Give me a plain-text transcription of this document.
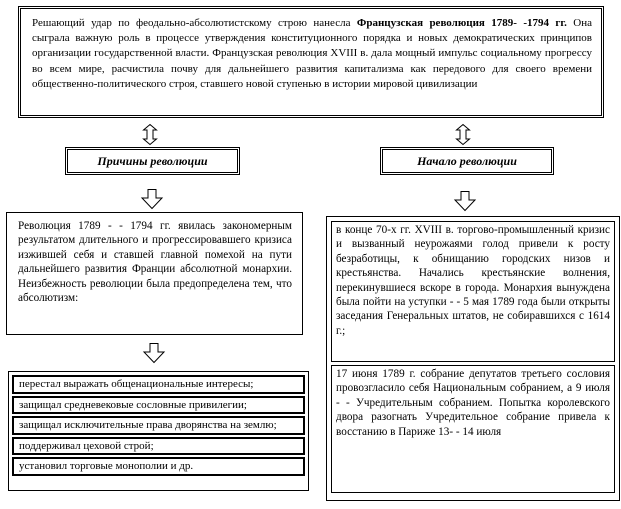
Решающий удар по феодально-абсолютистскому строю нанесла Французская революция 1789- -1794 гг. Она сыграла важную роль в процессе утверждения конституционного порядка и новых демократических принципов организации государственной власти. Французская революция XVIII в. дала мощный импульс социальному прогрессу во всем мире, расчистила почву для дальнейшего развития капитализма как передового для своего времени общественно-политического строя, ставшего новой ступенью в истории мировой цивилизации
Причины революции	Начало революции
Революция 1789 - - 1794 гг. явилась закономерным результатом длительного и прогрессировавшего кризиса изжившей себя и ставшей главной помехой на пути дальнейшего развития Франции абсолютной монархии. Неизбежность революции была предопределена тем, что абсолютизм:
перестал выражать общенациональные интересы;
защищал средневековые сословные привилегии;
защищал исключительные права дворянства на землю;
поддерживал цеховой строй;
установил торговые монополии и др.
в конце 70-х гг. XVIII в. торгово-промышленный кризис и вызванный неурожаями голод привели к росту безработицы, к обнищанию городских низов и крестьянства. Начались крестьянские волнения, перекинувшиеся вскоре в города. Монархия вынуждена была пойти на уступки - - 5 мая 1789 года были открыты заседания Генеральных штатов, не собиравшихся с 1614 г.;
17 июня 1789 г. собрание депутатов третьего сословия провозгласило себя Национальным собранием, а 9 июля - - Учредительным собранием. Попытка королевского двора разогнать Учредительное собрание привела к восстанию в Париже 13- - 14 июля
